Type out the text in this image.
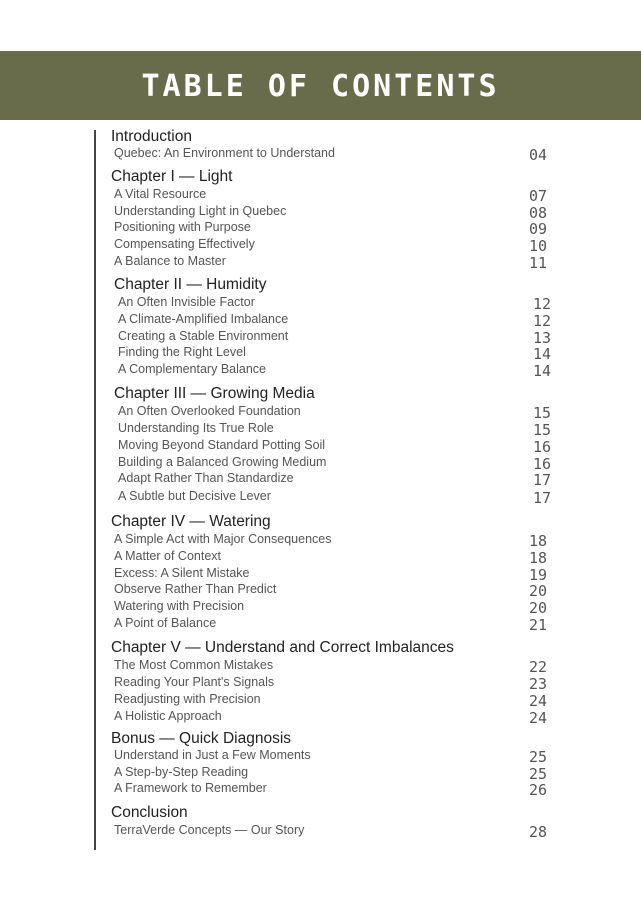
TABLE OF CONTENTS
Introduction
Quebec: An Environment to Understand	04
Chapter I — Light
A Vital Resource	07
Understanding Light in Quebec	08
Positioning with Purpose	09
Compensating Effectively	10
A Balance to Master	11
Chapter II — Humidity
An Often Invisible Factor	12
A Climate-Amplified Imbalance	12
Creating a Stable Environment	13
Finding the Right Level	14
A Complementary Balance	14
Chapter III — Growing Media
An Often Overlooked Foundation	15
Understanding Its True Role	15
Moving Beyond Standard Potting Soil	16
Building a Balanced Growing Medium	16
Adapt Rather Than Standardize	17
A Subtle but Decisive Lever	17
Chapter IV — Watering
A Simple Act with Major Consequences	18
A Matter of Context	18
Excess: A Silent Mistake	19
Observe Rather Than Predict	20
Watering with Precision	20
A Point of Balance	21
Chapter V — Understand and Correct Imbalances
The Most Common Mistakes	22
Reading Your Plant's Signals	23
Readjusting with Precision	24
A Holistic Approach	24
Bonus — Quick Diagnosis
Understand in Just a Few Moments	25
A Step-by-Step Reading	25
A Framework to Remember	26
Conclusion
TerraVerde Concepts — Our Story	28
